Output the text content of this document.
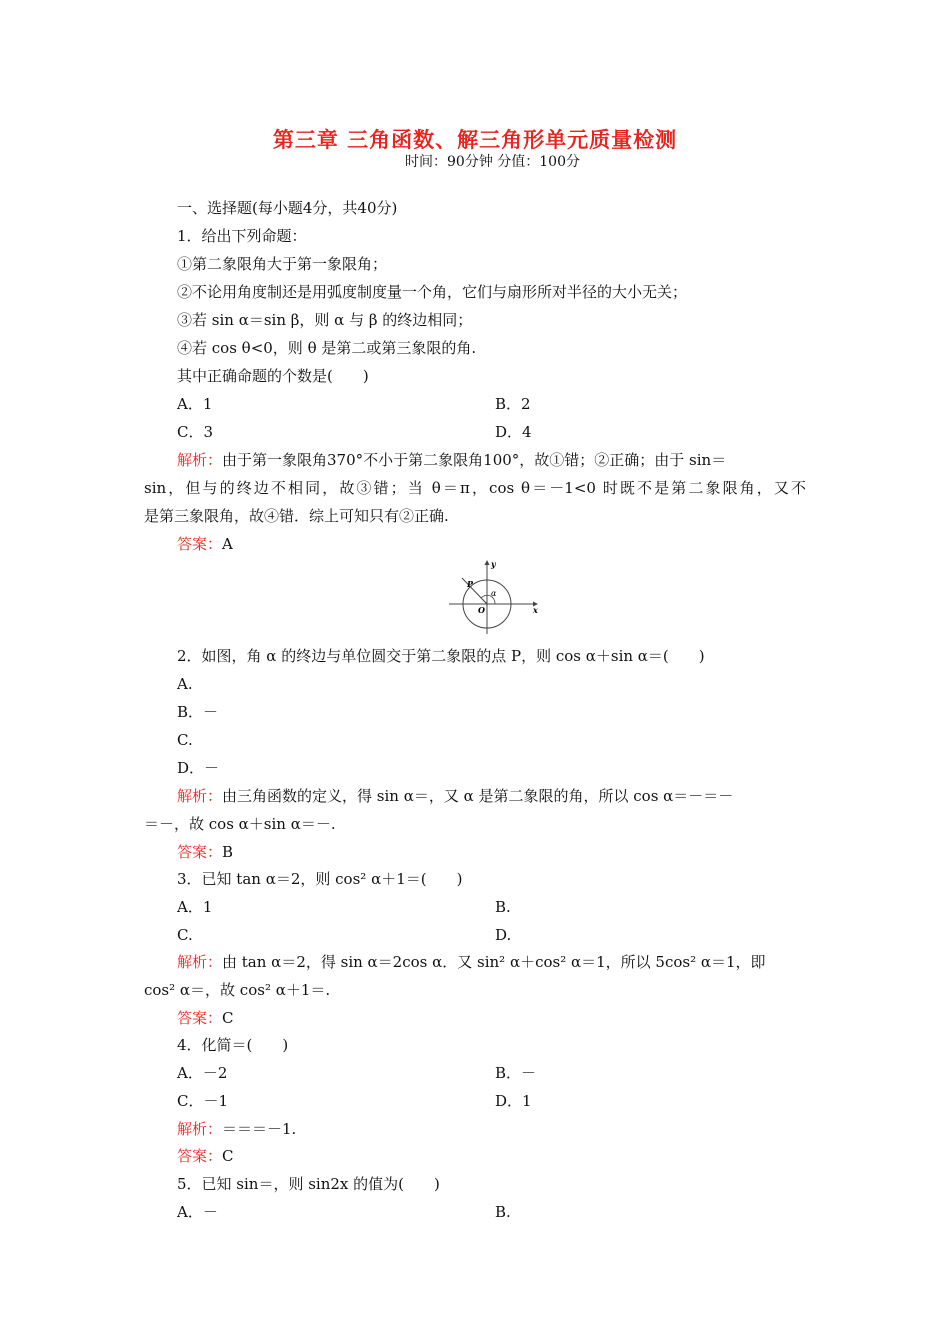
第三章 三角函数、解三角形单元质量检测
时间：90分钟 分值：100分
一、选择题(每小题4分，共40分)
1．给出下列命题：
①第二象限角大于第一象限角；
②不论用角度制还是用弧度制度量一个角，它们与扇形所对半径的大小无关；
③若 sin α＝sin β，则 α 与 β 的终边相同；
④若 cos θ<0，则 θ 是第二或第三象限的角.
其中正确命题的个数是(　　)
A．1	B．2
C．3	D．4
解析：由于第一象限角370°不小于第二象限角100°，故①错；②正确；由于 sin＝
sin，但与的终边不相同，故③错；当 θ＝π，cos θ＝－1<0 时既不是第二象限角，又不
是第三象限角，故④错．综上可知只有②正确.
答案：A
y
x
P
O
α
2．如图，角 α 的终边与单位圆交于第二象限的点 P，则 cos α＋sin α＝(　　)
A.
B．－
C.
D．－
解析：由三角函数的定义，得 sin α＝，又 α 是第二象限的角，所以 cos α＝－＝－
＝－，故 cos α＋sin α＝－.
答案：B
3．已知 tan α＝2，则 cos² α＋1＝(　　)
A．1	B.
C.	D.
解析：由 tan α＝2，得 sin α＝2cos α．又 sin² α＋cos² α＝1，所以 5cos² α＝1，即
cos² α＝，故 cos² α＋1＝.
答案：C
4．化简＝(　　)
A．－2	B．－
C．－1	D．1
解析：＝＝＝－1.
答案：C
5．已知 sin＝，则 sin2x 的值为(　　)
A．－	B.
